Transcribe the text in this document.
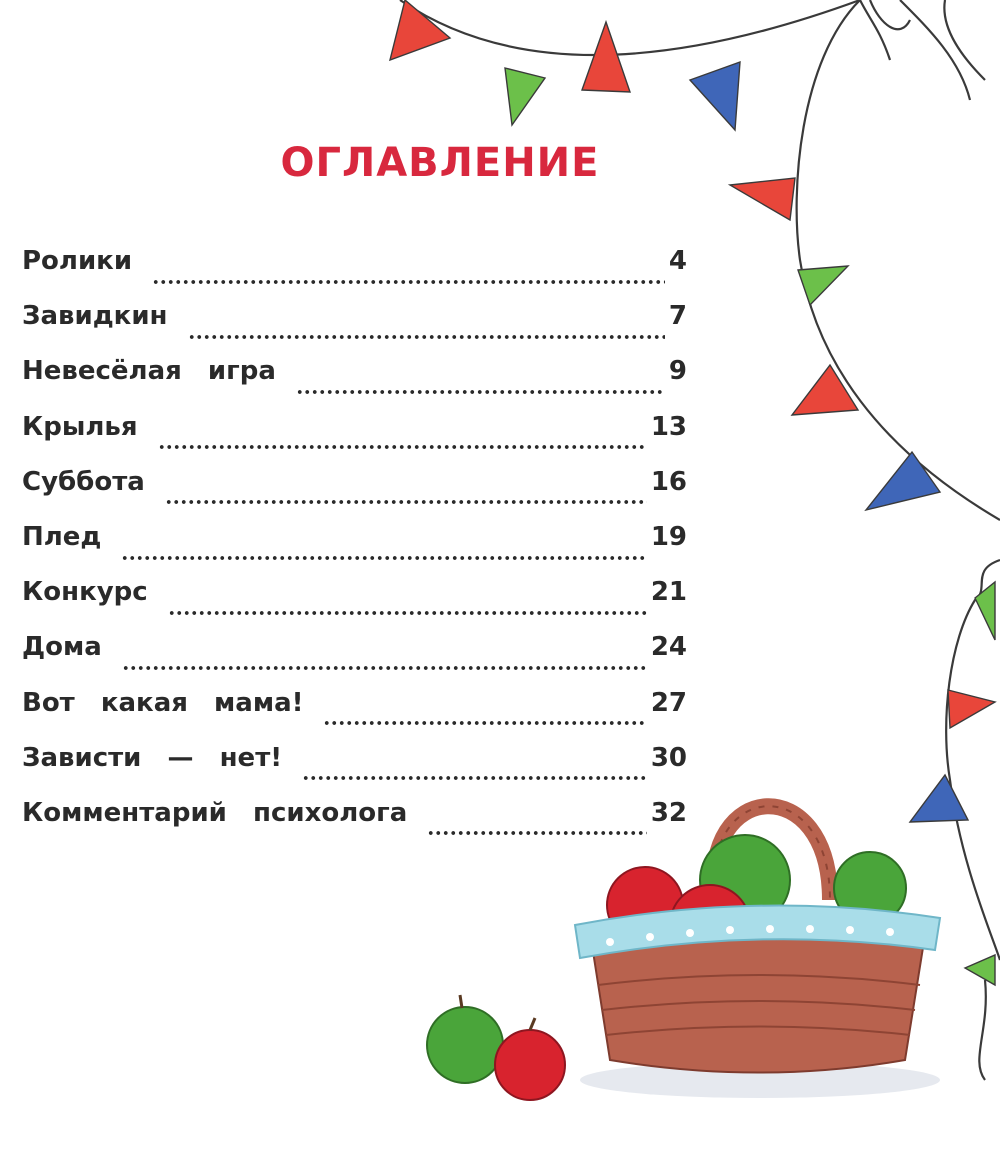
ОГЛАВЛЕНИЕ
Ролики	4
Завидкин	7
Невесёлая  игра	9
Крылья	13
Суббота	16
Плед	19
Конкурс	21
Дома	24
Вот  какая  мама!	27
Зависти  —  нет!	30
Комментарий  психолога	32
